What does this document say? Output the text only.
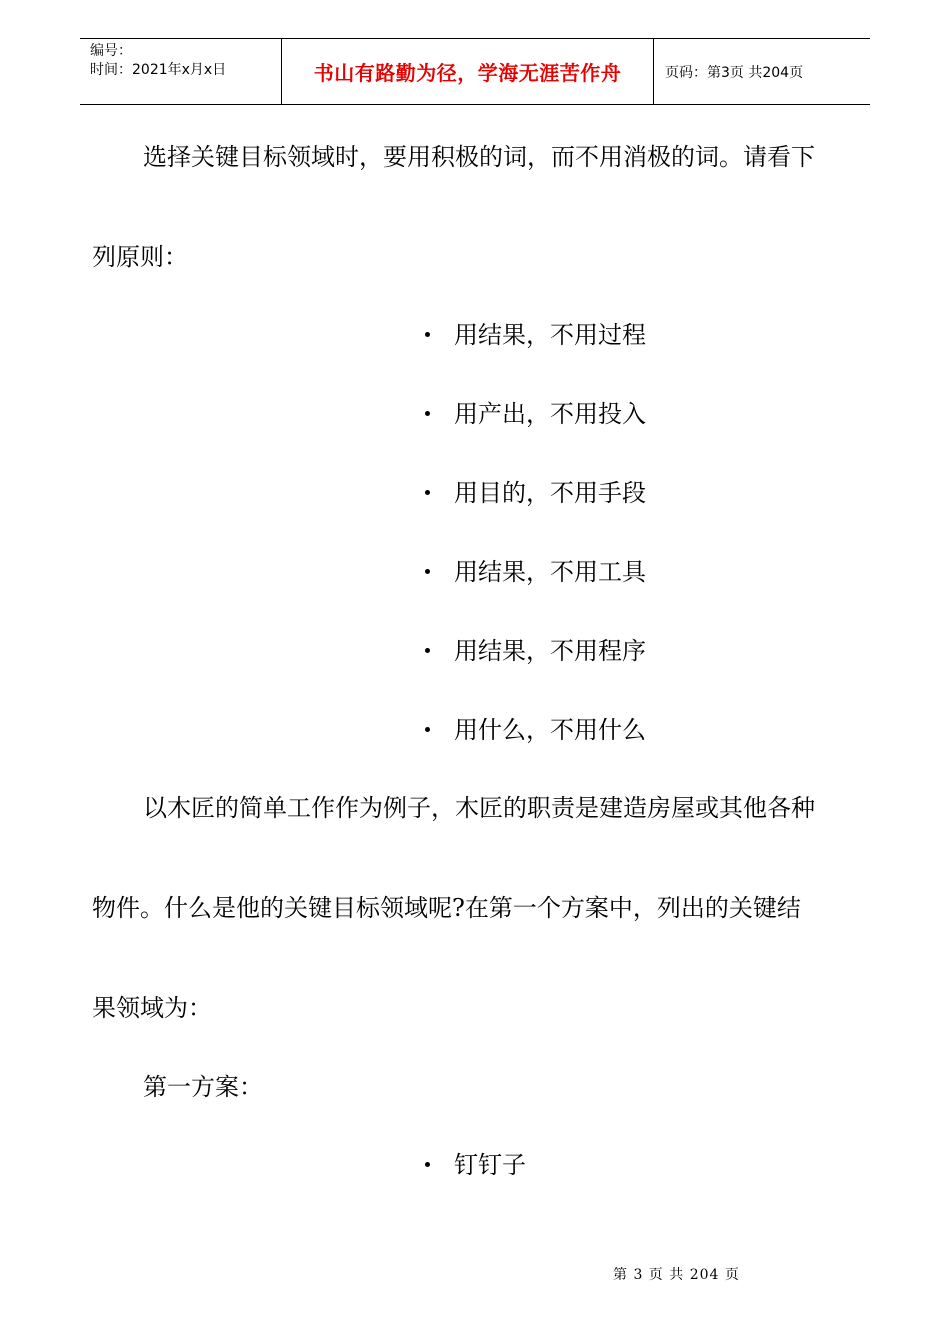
编号：
时间：2021年x月x日	书山有路勤为径，学海无涯苦作舟	页码：第3页 共204页
选择关键目标领域时，要用积极的词，而不用消极的词。请看下
列原则：
用结果，不用过程
用产出，不用投入
用目的，不用手段
用结果，不用工具
用结果，不用程序
用什么，不用什么
以木匠的简单工作作为例子，木匠的职责是建造房屋或其他各种
物件。什么是他的关键目标领域呢?在第一个方案中，列出的关键结
果领域为：
第一方案：
钉钉子
第 3 页 共 204 页
